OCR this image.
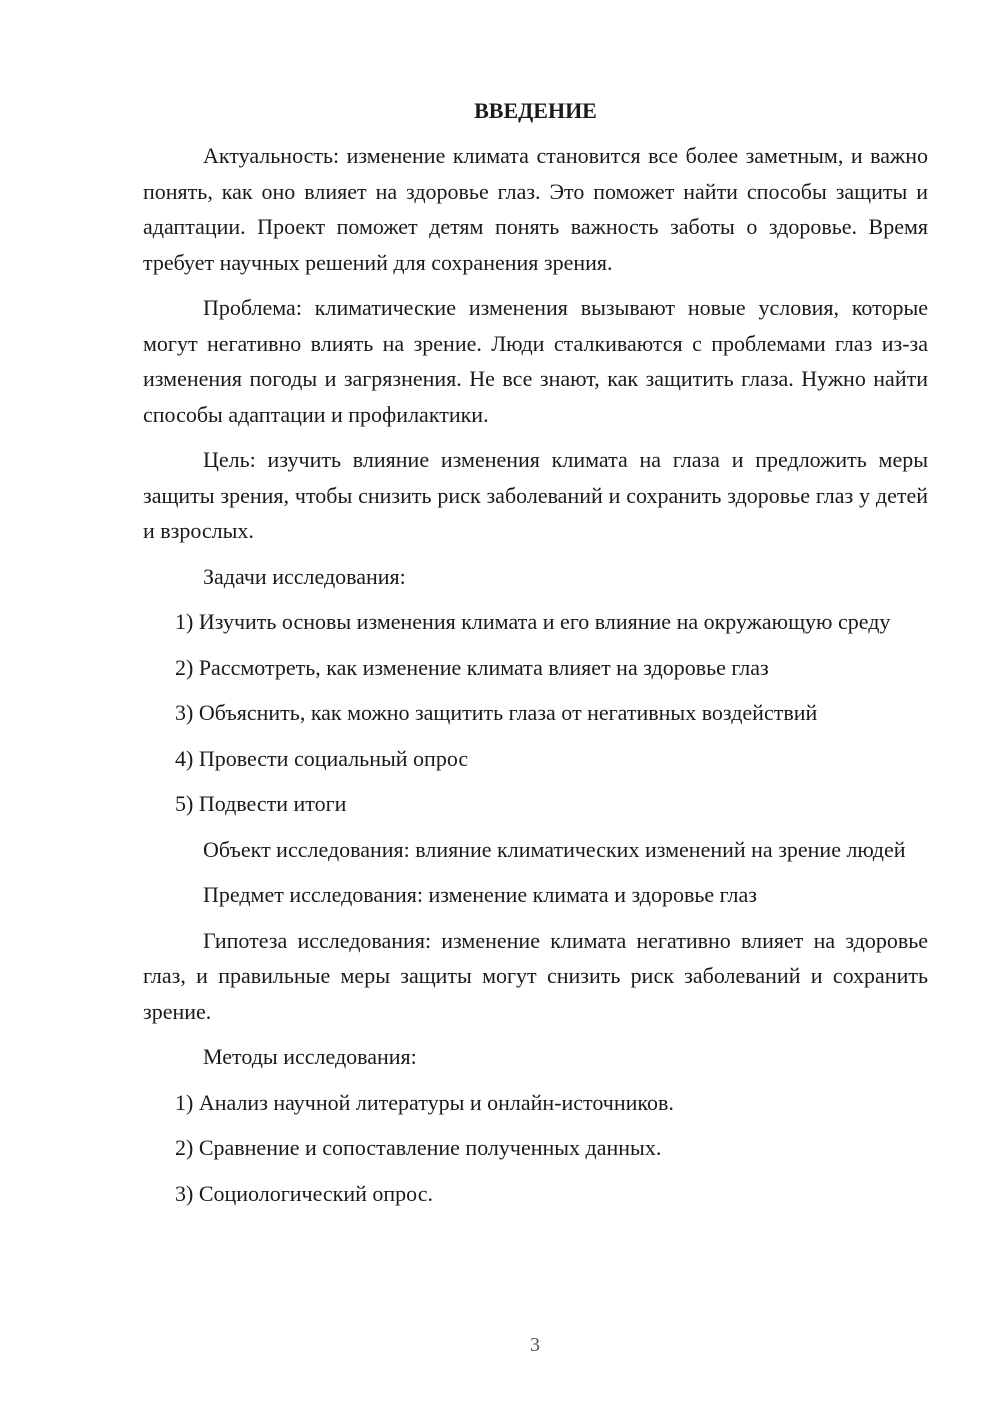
ВВЕДЕНИЕ

Актуальность: изменение климата становится все более заметным, и важно понять, как оно влияет на здоровье глаз. Это поможет найти способы защиты и адаптации. Проект поможет детям понять важность заботы о здоровье. Время требует научных решений для сохранения зрения.

Проблема: климатические изменения вызывают новые условия, которые могут негативно влиять на зрение. Люди сталкиваются с проблемами глаз из-за изменения погоды и загрязнения. Не все знают, как защитить глаза. Нужно найти способы адаптации и профилактики.

Цель: изучить влияние изменения климата на глаза и предложить меры защиты зрения, чтобы снизить риск заболеваний и сохранить здоровье глаз у детей и взрослых.

Задачи исследования:

1) Изучить основы изменения климата и его влияние на окружающую среду

2) Рассмотреть, как изменение климата влияет на здоровье глаз

3) Объяснить, как можно защитить глаза от негативных воздействий

4) Провести социальный опрос

5) Подвести итоги

Объект исследования: влияние климатических изменений на зрение людей

Предмет исследования: изменение климата и здоровье глаз

Гипотеза исследования: изменение климата негативно влияет на здоровье глаз, и правильные меры защиты могут снизить риск заболеваний и сохранить зрение.

Методы исследования:

1) Анализ научной литературы и онлайн-источников.

2) Сравнение и сопоставление полученных данных.

3) Социологический опрос.

3
